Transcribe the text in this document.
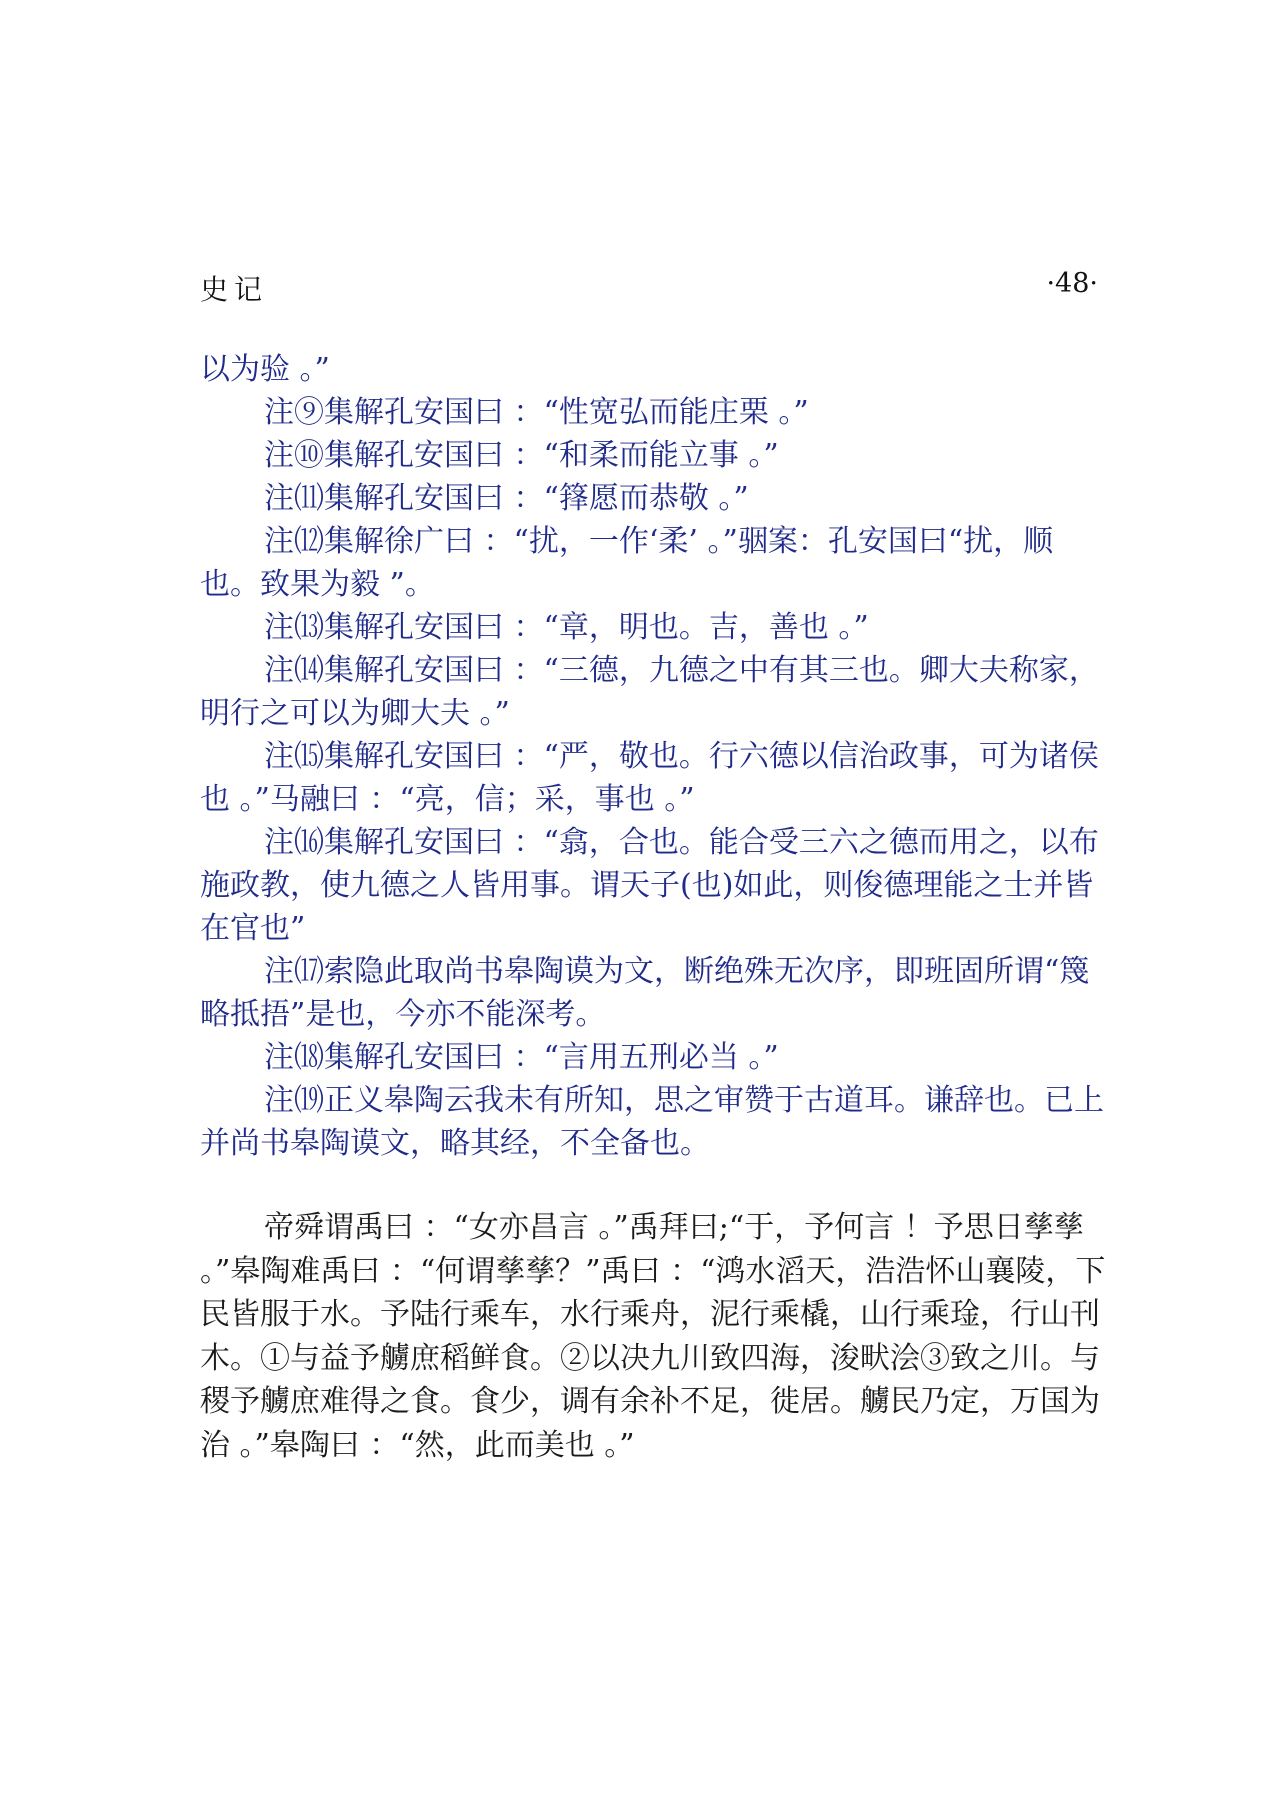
史记	·48·

以为验 。”

注⑨集解孔安国曰 ：“性宽弘而能庄栗 。”

注⑩集解孔安国曰 ：“和柔而能立事 。”

注⑾集解孔安国曰 ：“箨愿而恭敬 。”

注⑿集解徐广曰 ：“扰，一作‘柔’ 。”骃案：孔安国曰“扰，顺也。致果为毅 ”。

注⒀集解孔安国曰 ：“章，明也。吉，善也 。”

注⒁集解孔安国曰 ：“三德，九德之中有其三也。卿大夫称家，明行之可以为卿大夫 。”

注⒂集解孔安国曰 ：“严，敬也。行六德以信治政事，可为诸侯也 。”马融曰 ：“亮，信；采，事也 。”

注⒃集解孔安国曰 ：“翕，合也。能合受三六之德而用之，以布施政教，使九德之人皆用事。谓天子(也)如此，则俊德理能之士并皆在官也”

注⒄索隐此取尚书皋陶谟为文，断绝殊无次序，即班固所谓“篾略抵捂”是也，今亦不能深考。

注⒅集解孔安国曰 ：“言用五刑必当 。”

注⒆正义皋陶云我未有所知，思之审赞于古道耳。谦辞也。已上并尚书皋陶谟文，略其经，不全备也。

帝舜谓禹曰 ：“女亦昌言 。”禹拜曰;“于，予何言 ！予思日孳孳 。”皋陶难禹曰 ：“何谓孳孳？”禹曰 ：“鸿水滔天，浩浩怀山襄陵，下民皆服于水。予陆行乘车，水行乘舟，泥行乘橇，山行乘琻，行山刊木。①与益予艣庶稻鲜食。②以决九川致四海，浚畎浍③致之川。与稷予艣庶难得之食。食少，调有余补不足，徙居。艣民乃定，万国为治 。”皋陶曰 ：“然，此而美也 。”
